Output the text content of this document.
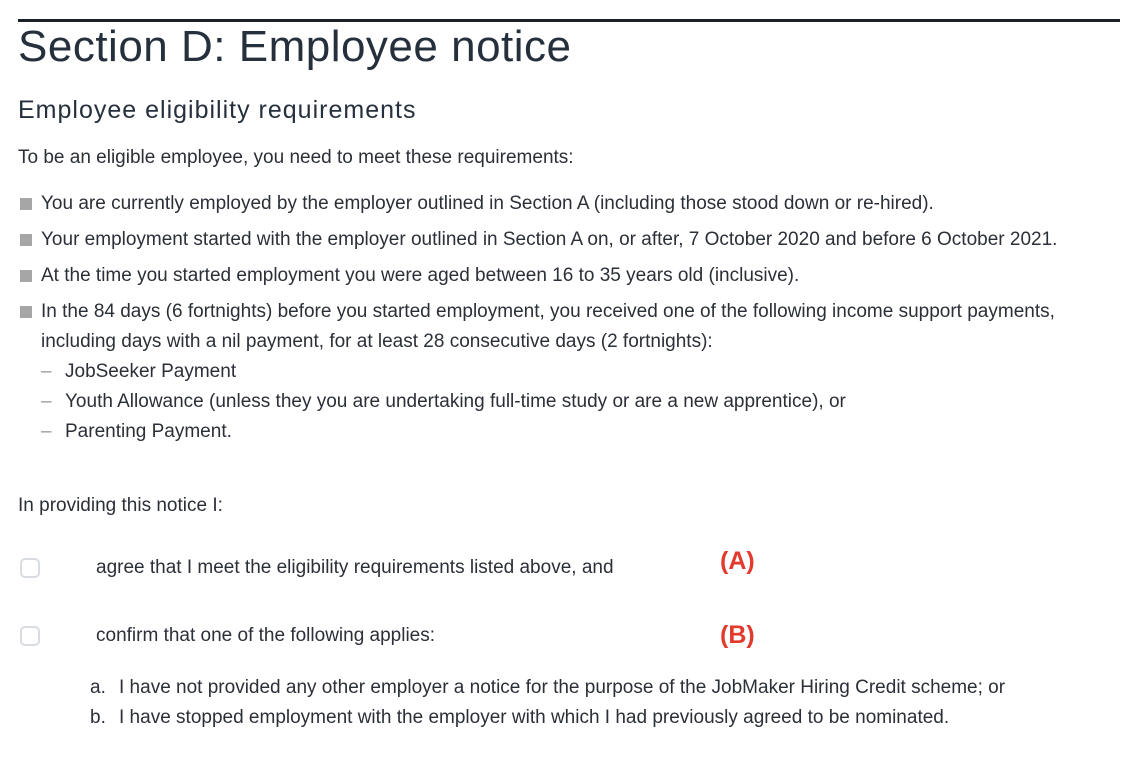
Section D: Employee notice
Employee eligibility requirements

To be an eligible employee, you need to meet these requirements:

You are currently employed by the employer outlined in Section A (including those stood down or re-hired).
Your employment started with the employer outlined in Section A on, or after, 7 October 2020 and before 6 October 2021.
At the time you started employment you were aged between 16 to 35 years old (inclusive).
In the 84 days (6 fortnights) before you started employment, you received one of the following income support payments, including days with a nil payment, for at least 28 consecutive days (2 fortnights):
– JobSeeker Payment
– Youth Allowance (unless they you are undertaking full-time study or are a new apprentice), or
– Parenting Payment.

In providing this notice I:

agree that I meet the eligibility requirements listed above, and	(A)
confirm that one of the following applies:	(B)
a. I have not provided any other employer a notice for the purpose of the JobMaker Hiring Credit scheme; or
b. I have stopped employment with the employer with which I had previously agreed to be nominated.
